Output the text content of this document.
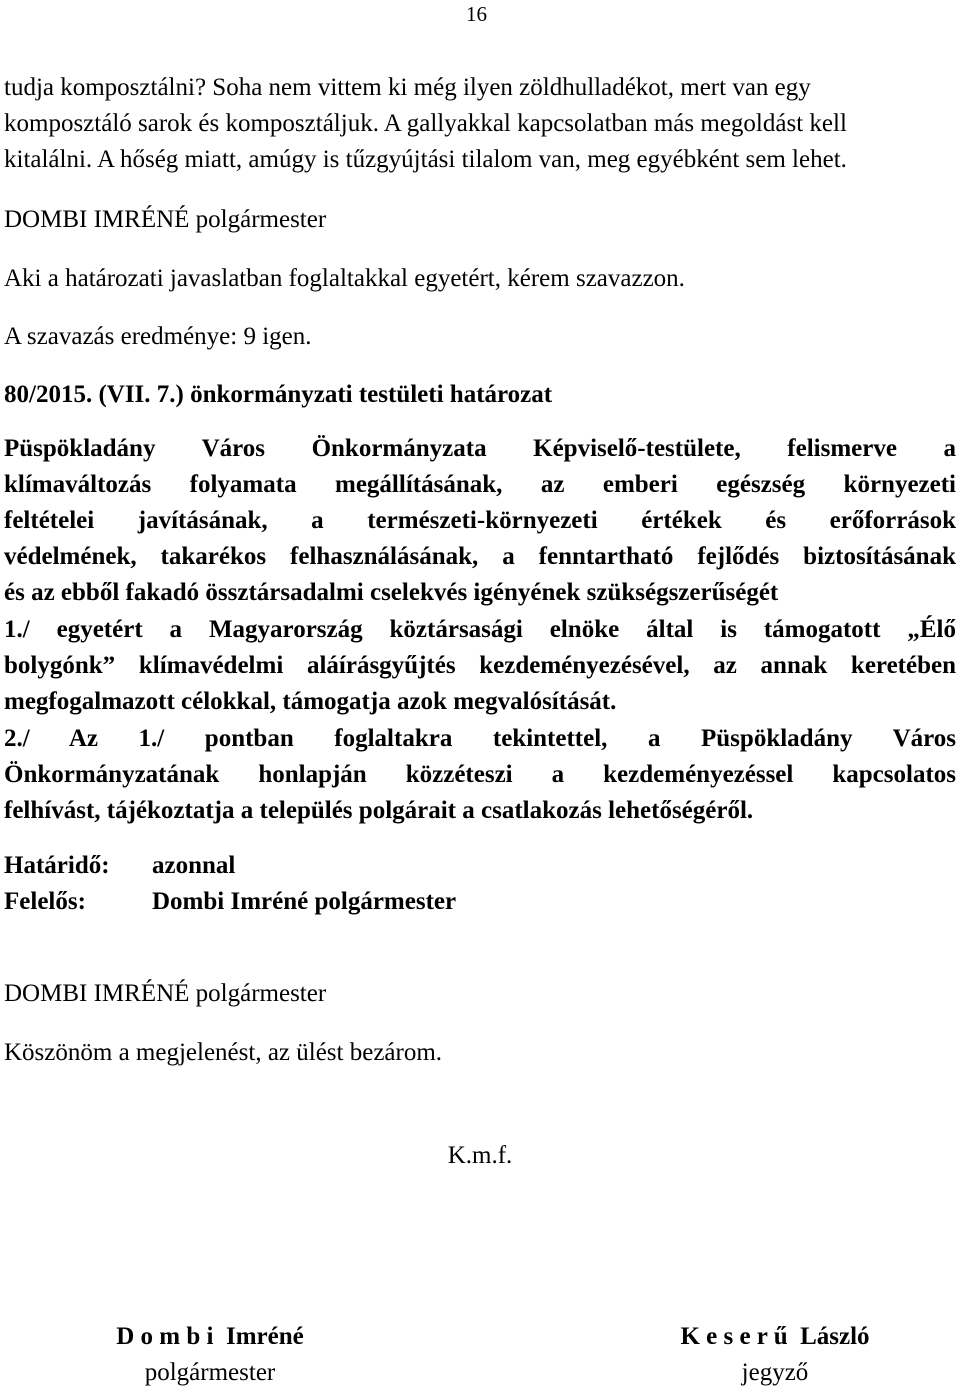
16
tudja komposztálni? Soha nem vittem ki még ilyen zöldhulladékot, mert van egy
komposztáló sarok és komposztáljuk. A gallyakkal kapcsolatban más megoldást kell
kitalálni. A hőség miatt, amúgy is tűzgyújtási tilalom van, meg egyébként sem lehet.
DOMBI IMRÉNÉ polgármester
Aki a határozati javaslatban foglaltakkal egyetért, kérem szavazzon.
A szavazás eredménye: 9 igen.
80/2015. (VII. 7.) önkormányzati testületi határozat
Püspökladány Város Önkormányzata Képviselő-testülete, felismerve a
klímaváltozás folyamata megállításának, az emberi egészség környezeti
feltételei javításának, a természeti-környezeti értékek és erőforrások
védelmének, takarékos felhasználásának, a fenntartható fejlődés biztosításának
és az ebből fakadó össztársadalmi cselekvés igényének szükségszerűségét
1./ egyetért a Magyarország köztársasági elnöke által is támogatott „Élő
bolygónk” klímavédelmi aláírásgyűjtés kezdeményezésével, az annak keretében
megfogalmazott célokkal, támogatja azok megvalósítását.
2./ Az 1./ pontban foglaltakra tekintettel, a Püspökladány Város
Önkormányzatának honlapján közzéteszi a kezdeményezéssel kapcsolatos
felhívást, tájékoztatja a település polgárait a csatlakozás lehetőségéről.
Határidő: azonnal
Felelős:	Dombi Imréné polgármester
DOMBI IMRÉNÉ polgármester
Köszönöm a megjelenést, az ülést bezárom.
K.m.f.
D o m b i  Imréné
polgármester
K e s e r ű  László
jegyző
